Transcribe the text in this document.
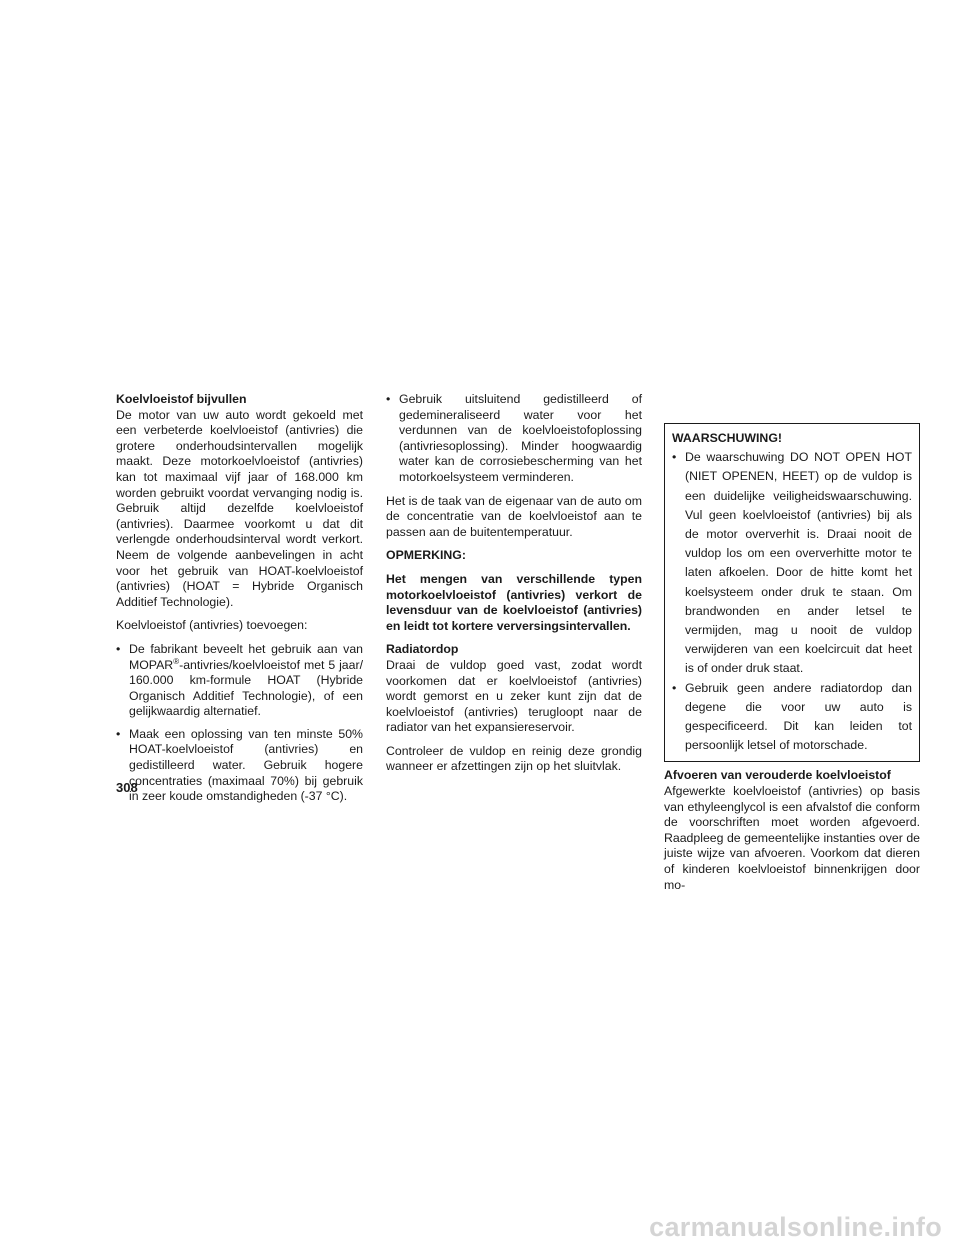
Koelvloeistof bijvullen

De motor van uw auto wordt gekoeld met een verbeterde koelvloeistof (antivries) die grotere onderhoudsintervallen mogelijk maakt. Deze motorkoelvloeistof (antivries) kan tot maximaal vijf jaar of 168.000 km worden gebruikt voordat vervanging nodig is. Gebruik altijd dezelfde koelvloeistof (antivries). Daarmee voorkomt u dat dit verlengde onderhoudsinterval wordt verkort. Neem de volgende aanbevelingen in acht voor het gebruik van HOAT-koelvloeistof (antivries) (HOAT = Hybride Organisch Additief Technologie).

Koelvloeistof (antivries) toevoegen:

• De fabrikant beveelt het gebruik aan van MOPAR®-antivries/koelvloeistof met 5 jaar/ 160.000 km-formule HOAT (Hybride Organisch Additief Technologie), of een gelijkwaardig alternatief.
• Maak een oplossing van ten minste 50% HOAT-koelvloeistof (antivries) en gedistilleerd water. Gebruik hogere concentraties (maximaal 70%) bij gebruik in zeer koude omstandigheden (-37 °C).
• Gebruik uitsluitend gedistilleerd of gedemineraliseerd water voor het verdunnen van de koelvloeistofoplossing (antivriesoplossing). Minder hoogwaardig water kan de corrosiebescherming van het motorkoelsysteem verminderen.

Het is de taak van de eigenaar van de auto om de concentratie van de koelvloeistof aan te passen aan de buitentemperatuur.

OPMERKING:

Het mengen van verschillende typen motorkoelvloeistof (antivries) verkort de levensduur van de koelvloeistof (antivries) en leidt tot kortere verversingsintervallen.

Radiatordop

Draai de vuldop goed vast, zodat wordt voorkomen dat er koelvloeistof (antivries) wordt gemorst en u zeker kunt zijn dat de koelvloeistof (antivries) terugloopt naar de radiator van het expansiereservoir.

Controleer de vuldop en reinig deze grondig wanneer er afzettingen zijn op het sluitvlak.

WAARSCHUWING!

• De waarschuwing DO NOT OPEN HOT (NIET OPENEN, HEET) op de vuldop is een duidelijke veiligheidswaarschuwing. Vul geen koelvloeistof (antivries) bij als de motor oververhit is. Draai nooit de vuldop los om een oververhitte motor te laten afkoelen. Door de hitte komt het koelsysteem onder druk te staan. Om brandwonden en ander letsel te vermijden, mag u nooit de vuldop verwijderen van een koelcircuit dat heet is of onder druk staat.
• Gebruik geen andere radiatordop dan degene die voor uw auto is gespecificeerd. Dit kan leiden tot persoonlijk letsel of motorschade.

Afvoeren van verouderde koelvloeistof

Afgewerkte koelvloeistof (antivries) op basis van ethyleenglycol is een afvalstof die conform de voorschriften moet worden afgevoerd. Raadpleeg de gemeentelijke instanties over de juiste wijze van afvoeren. Voorkom dat dieren of kinderen koelvloeistof binnenkrijgen door mo-

308
carmanualsonline.info
